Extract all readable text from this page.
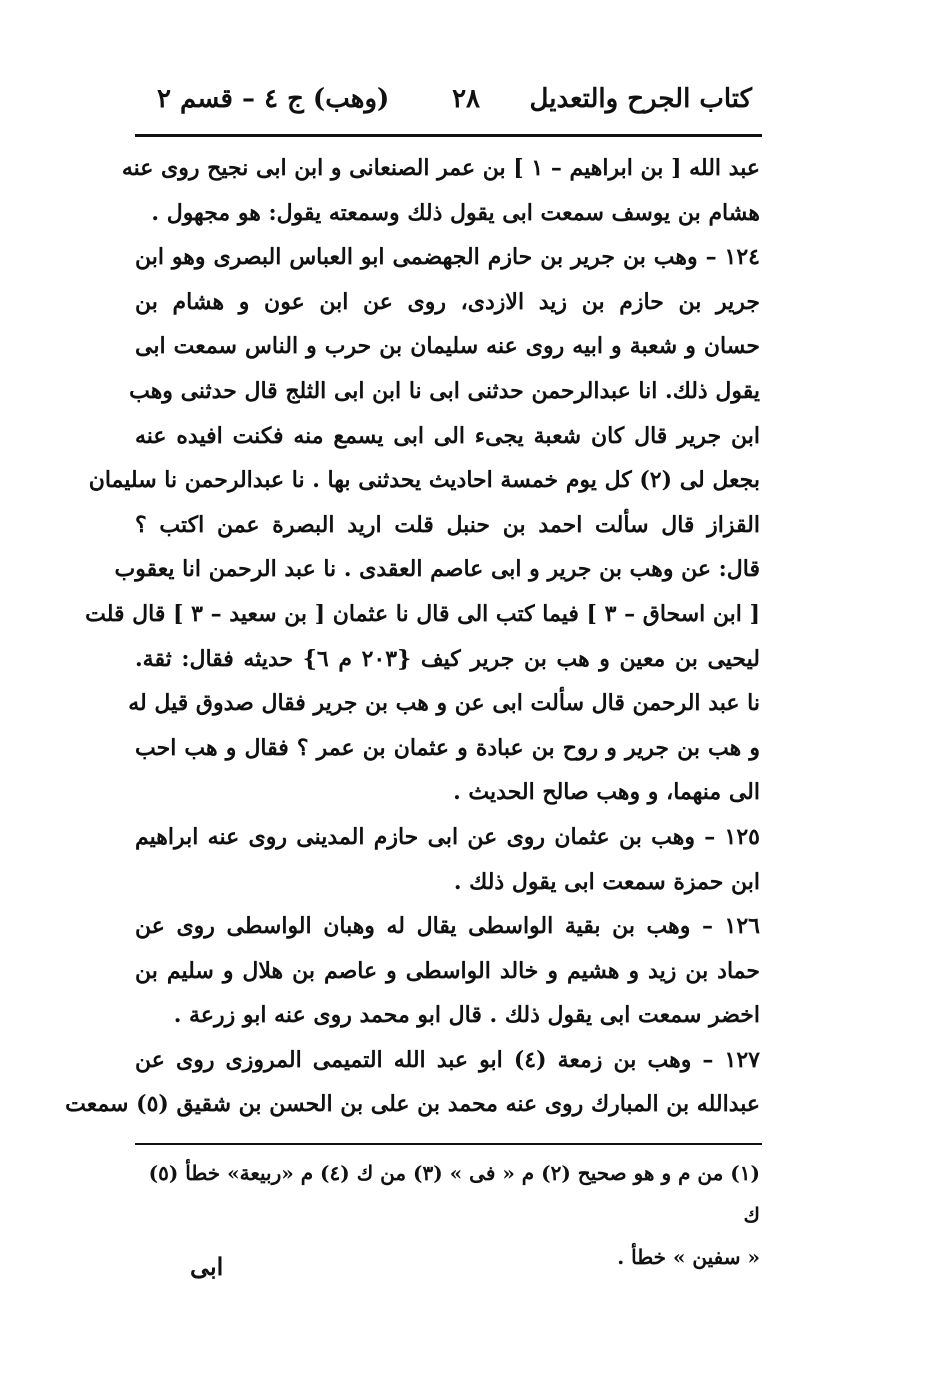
كتاب الجرح والتعديل
٢٨
(وهب) ج ٤ – قسم ٢
عبد الله [ بن ابراهيم – ١ ] بن عمر الصنعانى و ابن ابى نجيح روى عنه
هشام بن يوسف سمعت ابى يقول ذلك وسمعته يقول: هو مجهول .
١٢٤ – وهب بن جرير بن حازم الجهضمى ابو العباس البصرى وهو ابن
جرير بن حازم بن زيد الازدى، روى عن ابن عون و هشام بن
حسان و شعبة و ابيه روى عنه سليمان بن حرب و الناس سمعت ابى
يقول ذلك. انا عبدالرحمن حدثنى ابى نا ابن ابى الثلج قال حدثنى وهب
ابن جرير قال كان شعبة يجىء الى ابى يسمع منه فكنت افيده عنه
بجعل لى (٢) كل يوم خمسة احاديث يحدثنى بها . نا عبدالرحمن نا سليمان
القزاز قال سألت احمد بن حنبل قلت اريد البصرة عمن اكتب ؟
قال: عن وهب بن جرير و ابى عاصم العقدى . نا عبد الرحمن انا يعقوب
[ ابن اسحاق – ٣ ] فيما كتب الى قال نا عثمان [ بن سعيد – ٣ ] قال قلت
ليحيى بن معين و هب بن جرير كيف {٢٠٣ م ٦} حديثه فقال: ثقة.
نا عبد الرحمن قال سألت ابى عن و هب بن جرير فقال صدوق قيل له
و هب بن جرير و روح بن عبادة و عثمان بن عمر ؟ فقال و هب احب
الى منهما، و وهب صالح الحديث .
١٢٥ – وهب بن عثمان روى عن ابى حازم المدينى روى عنه ابراهيم
ابن حمزة سمعت ابى يقول ذلك .
١٢٦ – وهب بن بقية الواسطى يقال له وهبان الواسطى روى عن
حماد بن زيد و هشيم و خالد الواسطى و عاصم بن هلال و سليم بن
اخضر سمعت ابى يقول ذلك . قال ابو محمد روى عنه ابو زرعة .
١٢٧ – وهب بن زمعة (٤) ابو عبد الله التميمى المروزى روى عن
عبدالله بن المبارك روى عنه محمد بن على بن الحسن بن شقيق (٥) سمعت
(١) من م و هو صحيح (٢) م « فى » (٣) من ك (٤) م «ربيعة» خطأ (٥) ك
« سفين » خطأ .
ابى
